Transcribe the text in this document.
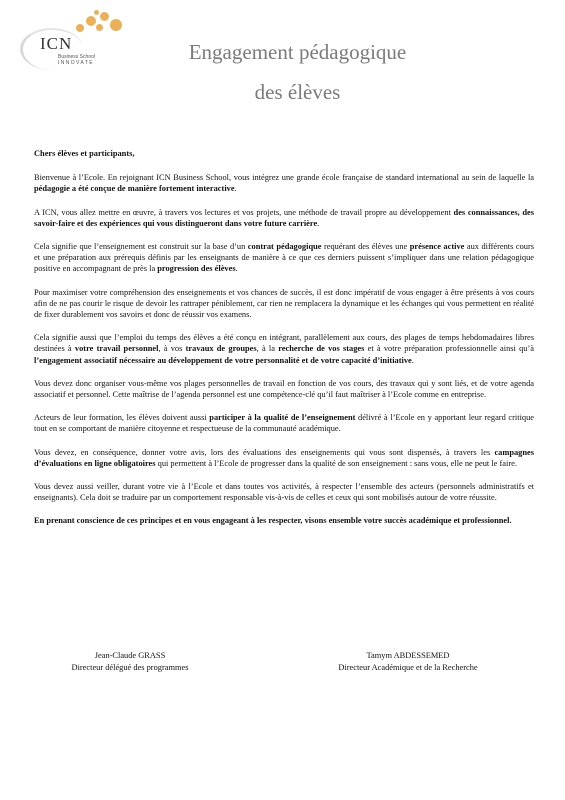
ICN
Business School
I N N O V A T E	Engagement pédagogique
des élèves

Chers élèves et participants,

Bienvenue à l’Ecole. En rejoignant ICN Business School, vous intégrez une grande école française de standard international au sein de laquelle la pédagogie a été conçue de manière fortement interactive.

A ICN, vous allez mettre en œuvre, à travers vos lectures et vos projets, une méthode de travail propre au développement des connaissances, des savoir-faire et des expériences qui vous distingueront dans votre future carrière.

Cela signifie que l’enseignement est construit sur la base d’un contrat pédagogique requérant des élèves une présence active aux différents cours et une préparation aux prérequis définis par les enseignants de manière à ce que ces derniers puissent s’impliquer dans une relation pédagogique positive en accompagnant de près la progression des élèves.

Pour maximiser votre compréhension des enseignements et vos chances de succès, il est donc impératif de vous engager à être présents à vos cours afin de ne pas courir le risque de devoir les rattraper péniblement, car rien ne remplacera la dynamique et les échanges qui vous permettent en réalité de fixer durablement vos savoirs et donc de réussir vos examens.

Cela signifie aussi que l’emploi du temps des élèves a été conçu en intégrant, parallèlement aux cours, des plages de temps hebdomadaires libres destinées à votre travail personnel, à vos travaux de groupes, à la recherche de vos stages et à votre préparation professionnelle ainsi qu’à l’engagement associatif nécessaire au développement de votre personnalité et de votre capacité d’initiative.

Vous devez donc organiser vous-même vos plages personnelles de travail en fonction de vos cours, des travaux qui y sont liés, et de votre agenda associatif et personnel. Cette maîtrise de l’agenda personnel est une compétence-clé qu’il faut maîtriser à l’Ecole comme en entreprise.

Acteurs de leur formation, les élèves doivent aussi participer à la qualité de l’enseignement délivré à l’Ecole en y apportant leur regard critique tout en se comportant de manière citoyenne et respectueuse de la communauté académique.

Vous devez, en conséquence, donner votre avis, lors des évaluations des enseignements qui vous sont dispensés, à travers les campagnes d’évaluations en ligne obligatoires qui permettent à l’Ecole de progresser dans la qualité de son enseignement : sans vous, elle ne peut le faire.

Vous devez aussi veiller, durant votre vie à l’Ecole et dans toutes vos activités, à respecter l’ensemble des acteurs (personnels administratifs et enseignants). Cela doit se traduire par un comportement responsable vis-à-vis de celles et ceux qui sont mobilisés autour de votre réussite.

En prenant conscience de ces principes et en vous engageant à les respecter, visons ensemble votre succès académique et professionnel.

Jean-Claude GRASS
Directeur délégué des programmes
Tamym ABDESSEMED
Directeur Académique et de la Recherche
